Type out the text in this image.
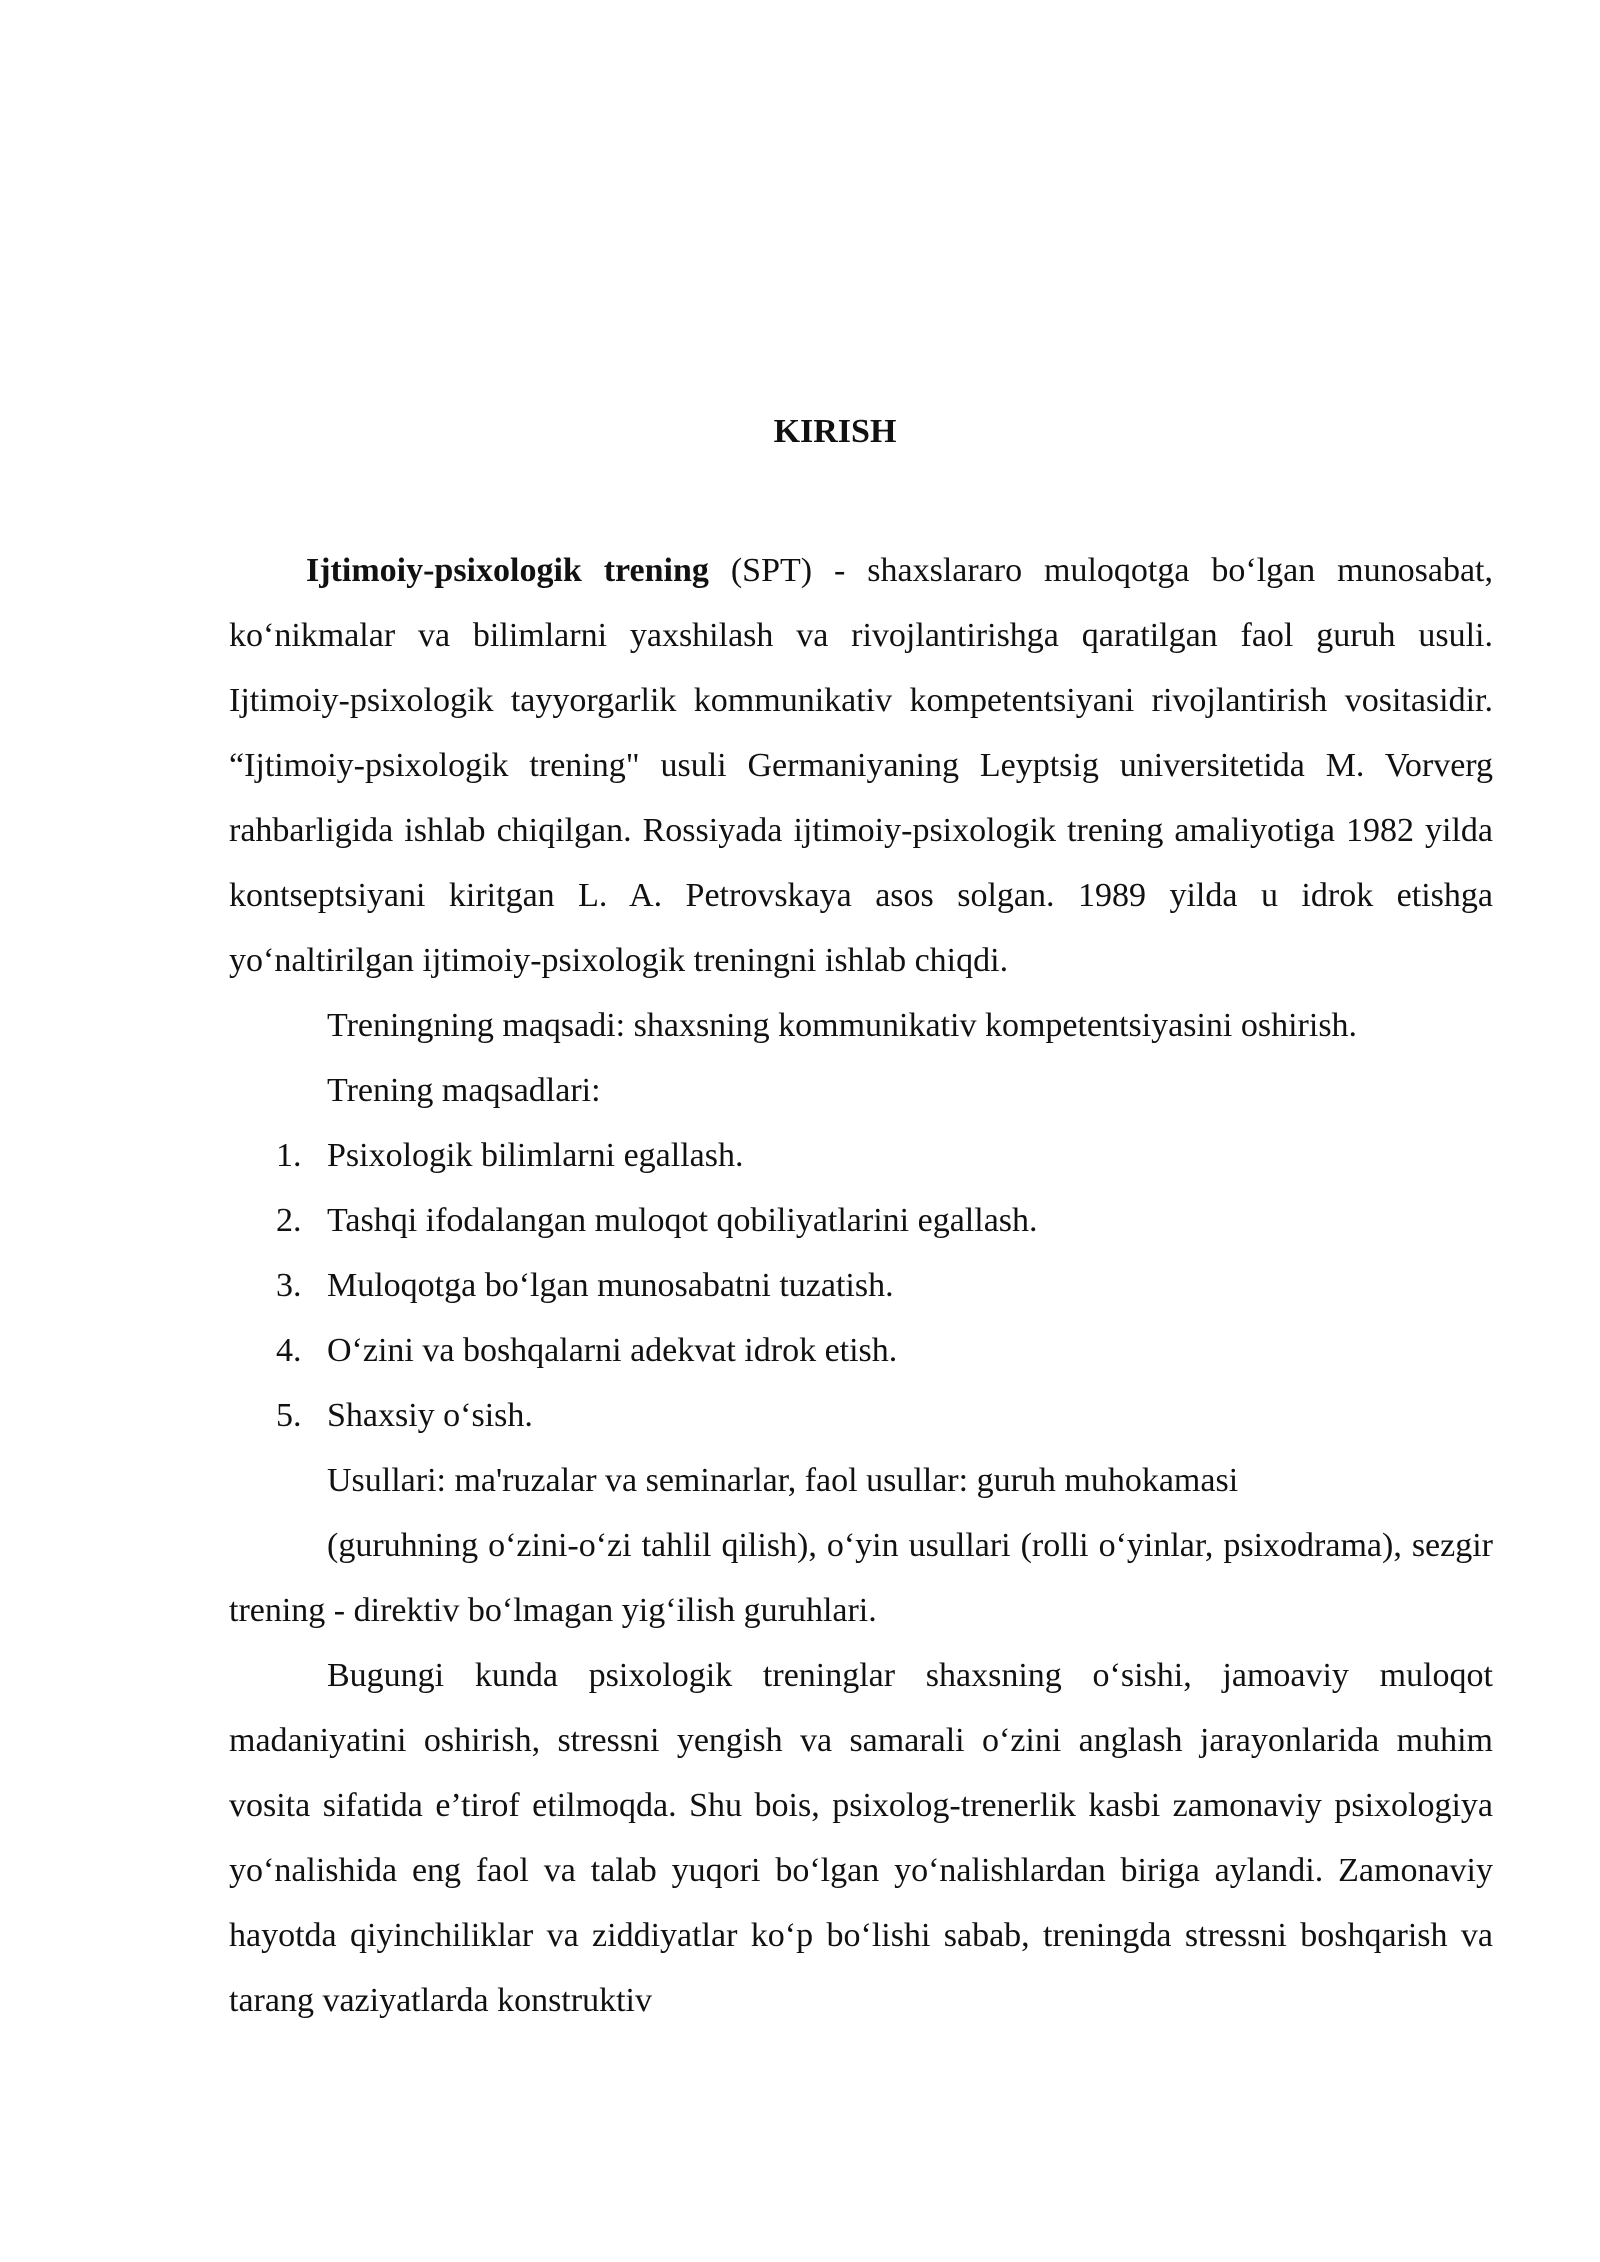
KIRISH

Ijtimoiy-psixologik trening (SPT) - shaxslararo muloqotga bo‘lgan munosabat, ko‘nikmalar va bilimlarni yaxshilash va rivojlantirishga qaratilgan faol guruh usuli. Ijtimoiy-psixologik tayyorgarlik kommunikativ kompetentsiyani rivojlantirish vositasidir. “Ijtimoiy-psixologik trening" usuli Germaniyaning Leyptsig universitetida M. Vorverg rahbarligida ishlab chiqilgan. Rossiyada ijtimoiy-psixologik trening amaliyotiga 1982 yilda kontseptsiyani kiritgan L. A. Petrovskaya asos solgan. 1989 yilda u idrok etishga yo‘naltirilgan ijtimoiy-psixologik treningni ishlab chiqdi.

Treningning maqsadi: shaxsning kommunikativ kompetentsiyasini oshirish.

Trening maqsadlari:

1. Psixologik bilimlarni egallash.
2. Tashqi ifodalangan muloqot qobiliyatlarini egallash.
3. Muloqotga bo‘lgan munosabatni tuzatish.
4. O‘zini va boshqalarni adekvat idrok etish.
5. Shaxsiy o‘sish.

Usullari: ma'ruzalar va seminarlar, faol usullar: guruh muhokamasi

(guruhning o‘zini-o‘zi tahlil qilish), o‘yin usullari (rolli o‘yinlar, psixodrama), sezgir trening - direktiv bo‘lmagan yig‘ilish guruhlari.

Bugungi kunda psixologik treninglar shaxsning o‘sishi, jamoaviy muloqot madaniyatini oshirish, stressni yengish va samarali o‘zini anglash jarayonlarida muhim vosita sifatida e’tirof etilmoqda. Shu bois, psixolog-trenerlik kasbi zamonaviy psixologiya yo‘nalishida eng faol va talab yuqori bo‘lgan yo‘nalishlardan biriga aylandi. Zamonaviy hayotda qiyinchiliklar va ziddiyatlar ko‘p bo‘lishi sabab, treningda stressni boshqarish va tarang vaziyatlarda konstruktiv
